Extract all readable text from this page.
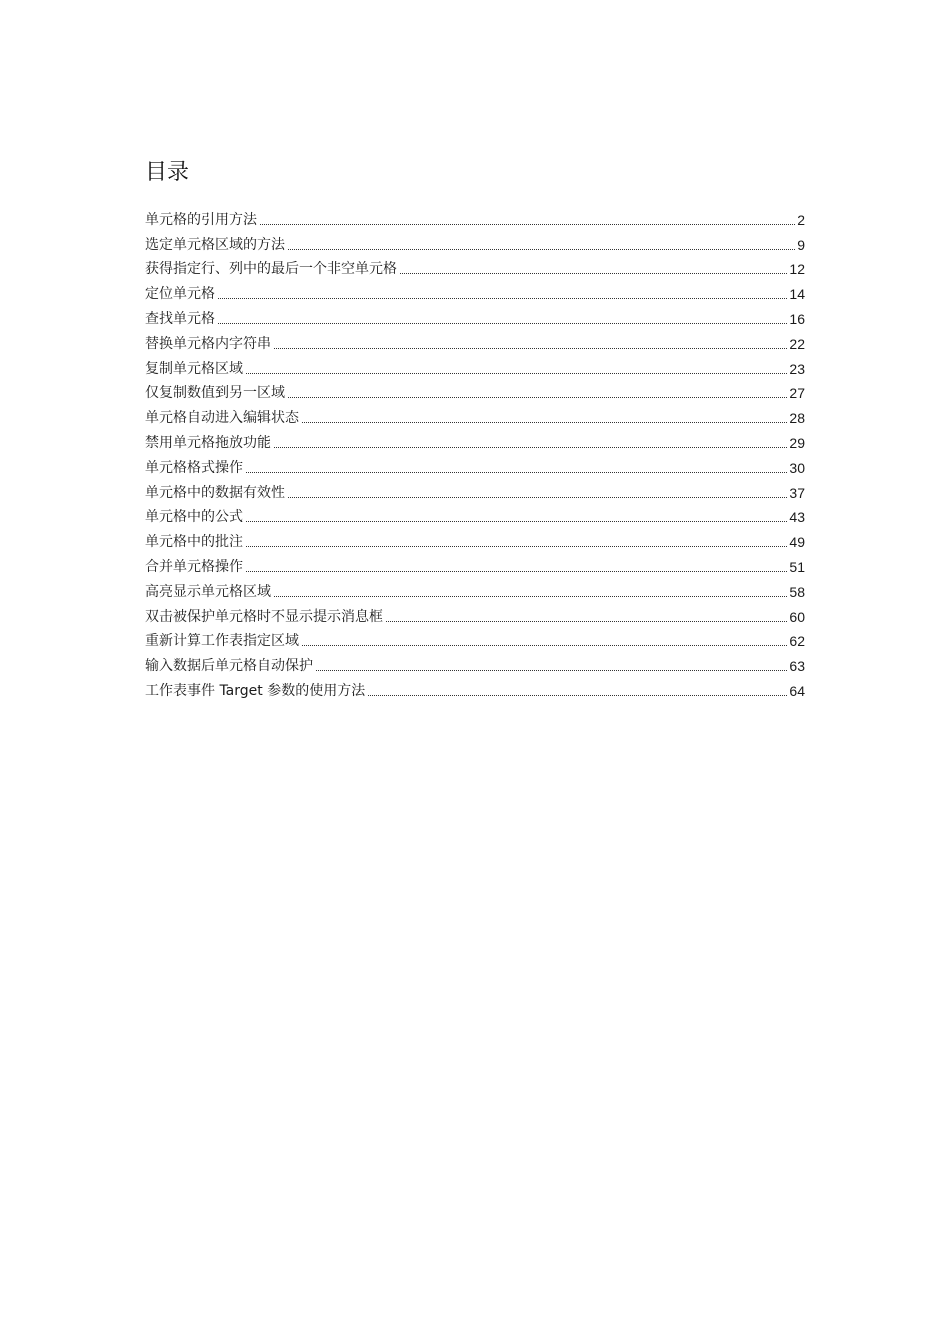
目录
单元格的引用方法	2
选定单元格区域的方法	9
获得指定行、列中的最后一个非空单元格	12
定位单元格	14
查找单元格	16
替换单元格内字符串	22
复制单元格区域	23
仅复制数值到另一区域	27
单元格自动进入编辑状态	28
禁用单元格拖放功能	29
单元格格式操作	30
单元格中的数据有效性	37
单元格中的公式	43
单元格中的批注	49
合并单元格操作	51
高亮显示单元格区域	58
双击被保护单元格时不显示提示消息框	60
重新计算工作表指定区域	62
输入数据后单元格自动保护	63
工作表事件 Target 参数的使用方法	64
